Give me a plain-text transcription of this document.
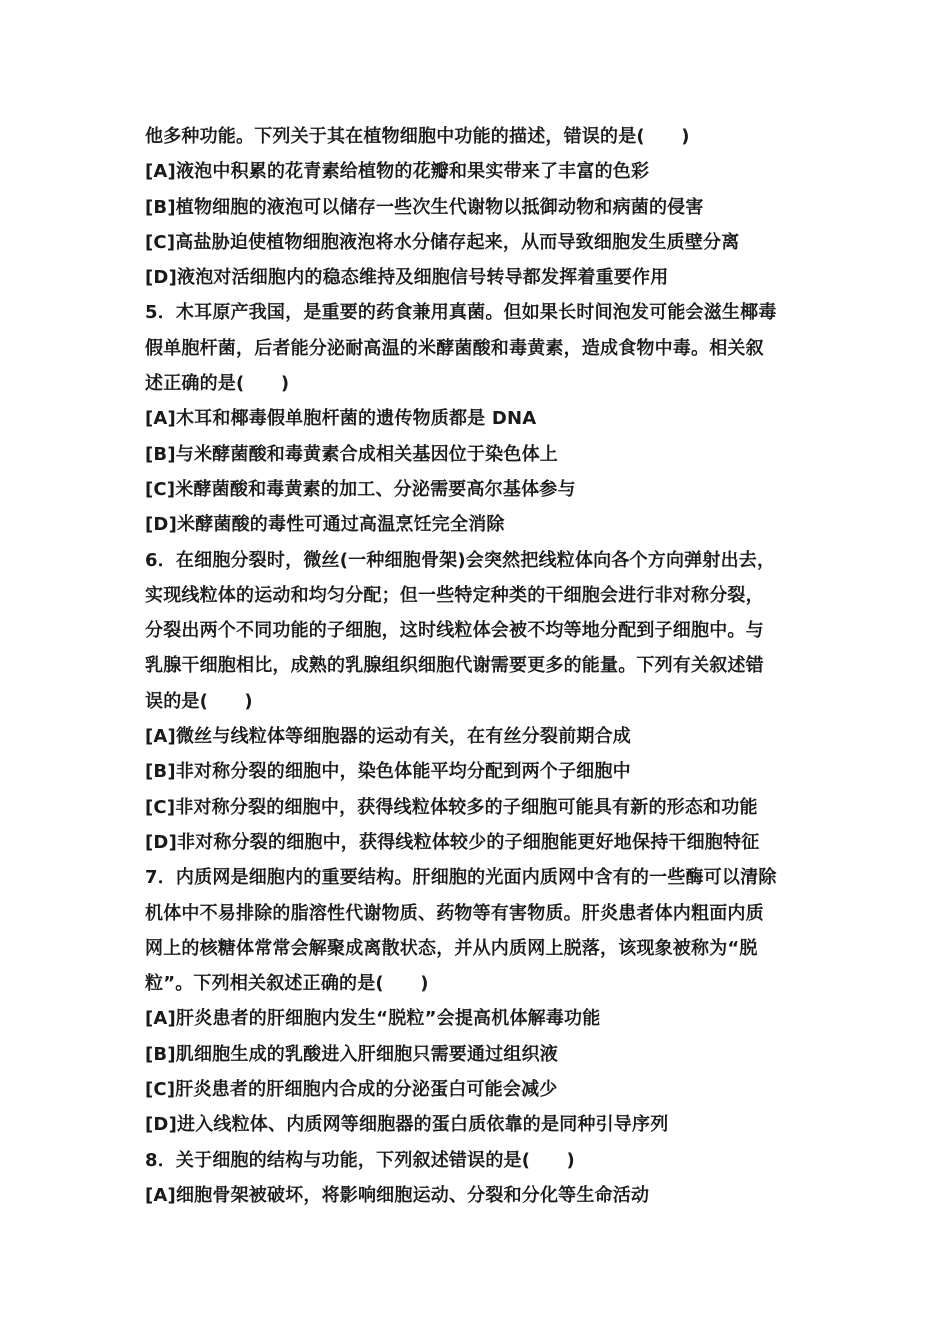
他多种功能。下列关于其在植物细胞中功能的描述，错误的是(　　)
[A]液泡中积累的花青素给植物的花瓣和果实带来了丰富的色彩
[B]植物细胞的液泡可以储存一些次生代谢物以抵御动物和病菌的侵害
[C]高盐胁迫使植物细胞液泡将水分储存起来，从而导致细胞发生质壁分离
[D]液泡对活细胞内的稳态维持及细胞信号转导都发挥着重要作用
5．木耳原产我国，是重要的药食兼用真菌。但如果长时间泡发可能会滋生椰毒
假单胞杆菌，后者能分泌耐高温的米酵菌酸和毒黄素，造成食物中毒。相关叙
述正确的是(　　)
[A]木耳和椰毒假单胞杆菌的遗传物质都是 DNA
[B]与米酵菌酸和毒黄素合成相关基因位于染色体上
[C]米酵菌酸和毒黄素的加工、分泌需要高尔基体参与
[D]米酵菌酸的毒性可通过高温烹饪完全消除
6．在细胞分裂时，微丝(一种细胞骨架)会突然把线粒体向各个方向弹射出去，
实现线粒体的运动和均匀分配；但一些特定种类的干细胞会进行非对称分裂，
分裂出两个不同功能的子细胞，这时线粒体会被不均等地分配到子细胞中。与
乳腺干细胞相比，成熟的乳腺组织细胞代谢需要更多的能量。下列有关叙述错
误的是(　　)
[A]微丝与线粒体等细胞器的运动有关，在有丝分裂前期合成
[B]非对称分裂的细胞中，染色体能平均分配到两个子细胞中
[C]非对称分裂的细胞中，获得线粒体较多的子细胞可能具有新的形态和功能
[D]非对称分裂的细胞中，获得线粒体较少的子细胞能更好地保持干细胞特征
7．内质网是细胞内的重要结构。肝细胞的光面内质网中含有的一些酶可以清除
机体中不易排除的脂溶性代谢物质、药物等有害物质。肝炎患者体内粗面内质
网上的核糖体常常会解聚成离散状态，并从内质网上脱落，该现象被称为“脱
粒”。下列相关叙述正确的是(　　)
[A]肝炎患者的肝细胞内发生“脱粒”会提高机体解毒功能
[B]肌细胞生成的乳酸进入肝细胞只需要通过组织液
[C]肝炎患者的肝细胞内合成的分泌蛋白可能会减少
[D]进入线粒体、内质网等细胞器的蛋白质依靠的是同种引导序列
8．关于细胞的结构与功能，下列叙述错误的是(　　)
[A]细胞骨架被破坏，将影响细胞运动、分裂和分化等生命活动
